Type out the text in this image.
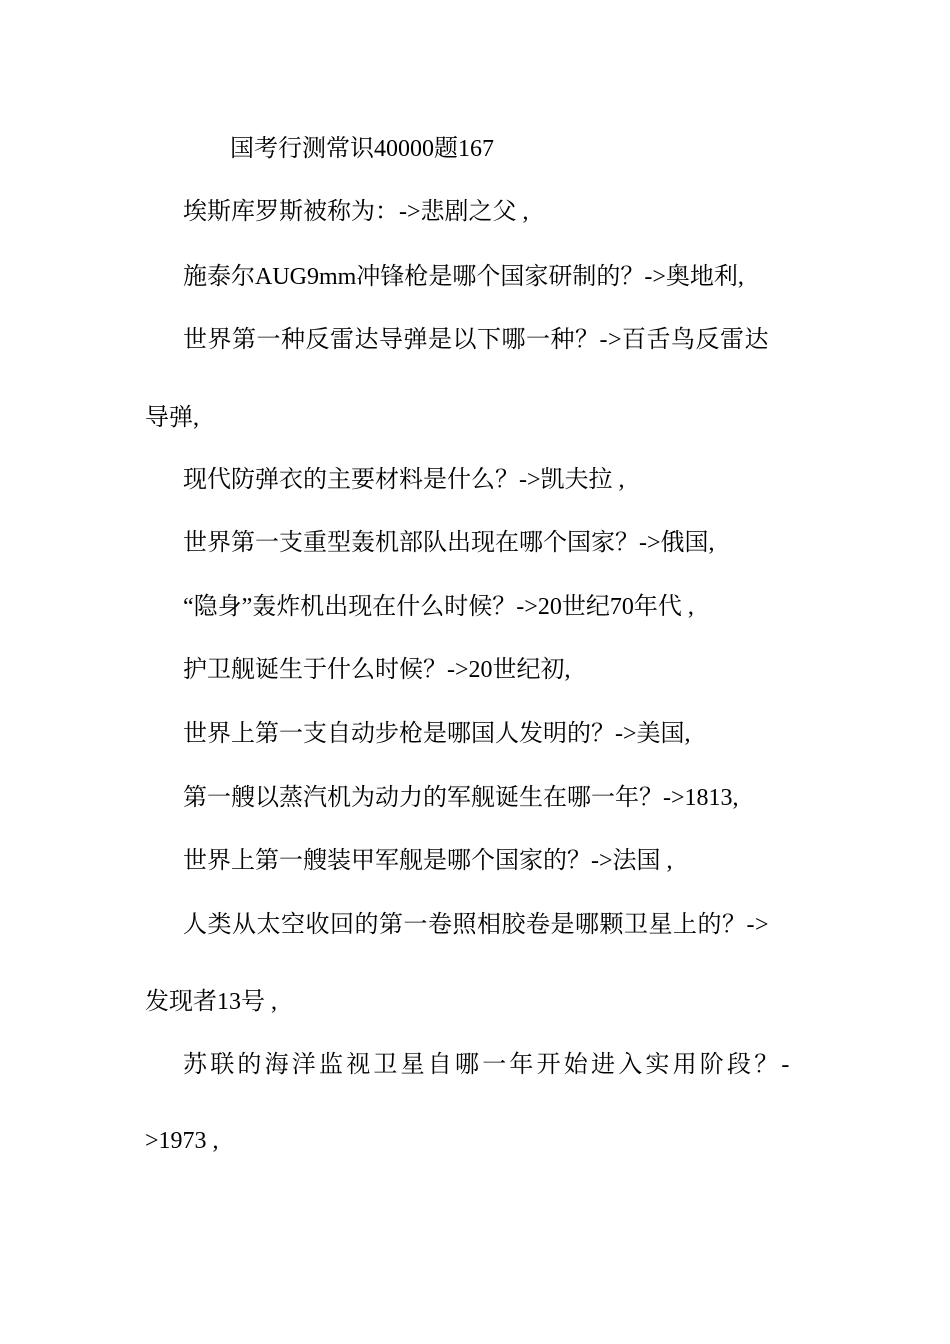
国考行测常识40000题167
埃斯库罗斯被称为：->悲剧之父 ,
施泰尔AUG9mm冲锋枪是哪个国家研制的？->奥地利,
世界第一种反雷达导弹是以下哪一种？->百舌鸟反雷达
导弹,
现代防弹衣的主要材料是什么？->凯夫拉 ,
世界第一支重型轰机部队出现在哪个国家？->俄国,
“隐身”轰炸机出现在什么时候？->20世纪70年代 ,
护卫舰诞生于什么时候？->20世纪初,
世界上第一支自动步枪是哪国人发明的？->美国,
第一艘以蒸汽机为动力的军舰诞生在哪一年？->1813,
世界上第一艘装甲军舰是哪个国家的？->法国 ,
人类从太空收回的第一卷照相胶卷是哪颗卫星上的？->
发现者13号 ,
苏联的海洋监视卫星自哪一年开始进入实用阶段？-
>1973 ,
